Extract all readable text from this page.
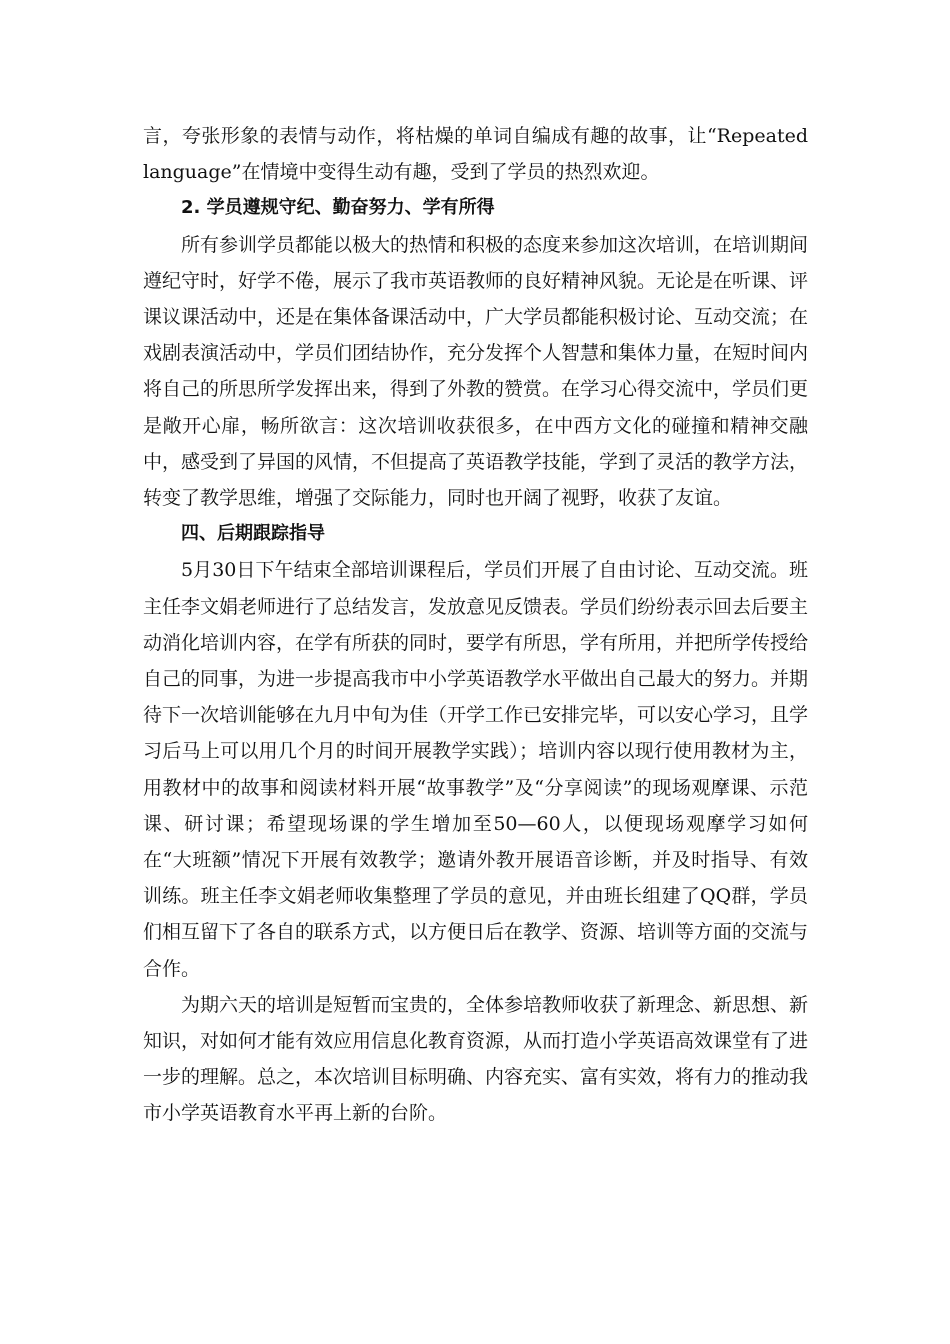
言，夸张形象的表情与动作，将枯燥的单词自编成有趣的故事，让“Repeated language”在情境中变得生动有趣，受到了学员的热烈欢迎。

2. 学员遵规守纪、勤奋努力、学有所得

所有参训学员都能以极大的热情和积极的态度来参加这次培训，在培训期间遵纪守时，好学不倦，展示了我市英语教师的良好精神风貌。无论是在听课、评课议课活动中，还是在集体备课活动中，广大学员都能积极讨论、互动交流；在戏剧表演活动中，学员们团结协作，充分发挥个人智慧和集体力量，在短时间内将自己的所思所学发挥出来，得到了外教的赞赏。在学习心得交流中，学员们更是敞开心扉，畅所欲言：这次培训收获很多，在中西方文化的碰撞和精神交融中，感受到了异国的风情，不但提高了英语教学技能，学到了灵活的教学方法，转变了教学思维，增强了交际能力，同时也开阔了视野，收获了友谊。

四、后期跟踪指导

5月30日下午结束全部培训课程后，学员们开展了自由讨论、互动交流。班主任李文娟老师进行了总结发言，发放意见反馈表。学员们纷纷表示回去后要主动消化培训内容，在学有所获的同时，要学有所思，学有所用，并把所学传授给自己的同事，为进一步提高我市中小学英语教学水平做出自己最大的努力。并期待下一次培训能够在九月中旬为佳（开学工作已安排完毕，可以安心学习，且学习后马上可以用几个月的时间开展教学实践）；培训内容以现行使用教材为主，用教材中的故事和阅读材料开展“故事教学”及“分享阅读”的现场观摩课、示范课、研讨课；希望现场课的学生增加至50—60人，以便现场观摩学习如何在“大班额”情况下开展有效教学；邀请外教开展语音诊断，并及时指导、有效训练。班主任李文娟老师收集整理了学员的意见，并由班长组建了QQ群，学员们相互留下了各自的联系方式，以方便日后在教学、资源、培训等方面的交流与合作。

为期六天的培训是短暂而宝贵的，全体参培教师收获了新理念、新思想、新知识，对如何才能有效应用信息化教育资源，从而打造小学英语高效课堂有了进一步的理解。总之，本次培训目标明确、内容充实、富有实效，将有力的推动我市小学英语教育水平再上新的台阶。
